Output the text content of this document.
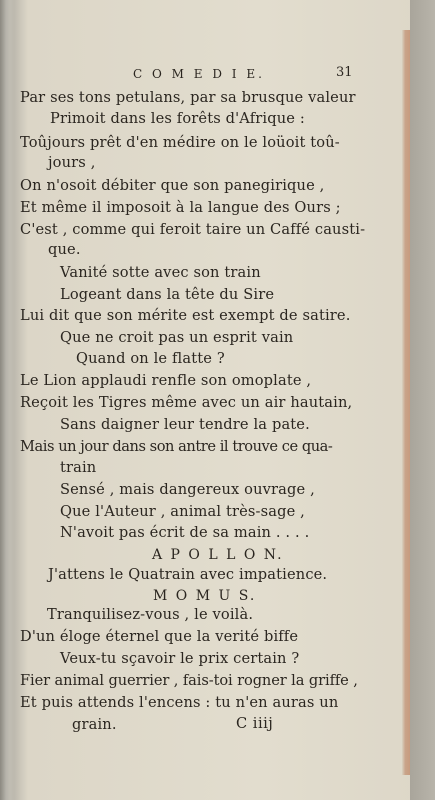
C O M E D I E.	31
Par ses tons petulans, par sa brusque valeur
Primoit dans les forêts d'Afrique :
Toûjours prêt d'en médire on le loüoit toû-
jours ,
On n'osoit débiter que son panegirique ,
Et même il imposoit à la langue des Ours ;
C'est , comme qui feroit taire un Caffé causti-
que.
Vanité sotte avec son train
Logeant dans la tête du Sire
Lui dit que son mérite est exempt de satire.
Que ne croit pas un esprit vain
Quand on le flatte ?
Le Lion applaudi renfle son omoplate ,
Reçoit les Tigres même avec un air hautain,
Sans daigner leur tendre la pate.
Mais un jour dans son antre il trouve ce qua-
train
Sensé , mais dangereux ouvrage ,
Que l'Auteur , animal très-sage ,
N'avoit pas écrit de sa main . . . .
A P O L L O N.
J'attens le Quatrain avec impatience.
M O M U S.
Tranquilisez-vous , le voilà.
D'un éloge éternel que la verité biffe
Veux-tu sçavoir le prix certain ?
Fier animal guerrier , fais-toi rogner la griffe ,
Et puis attends l'encens : tu n'en auras un
grain.	C iiij
